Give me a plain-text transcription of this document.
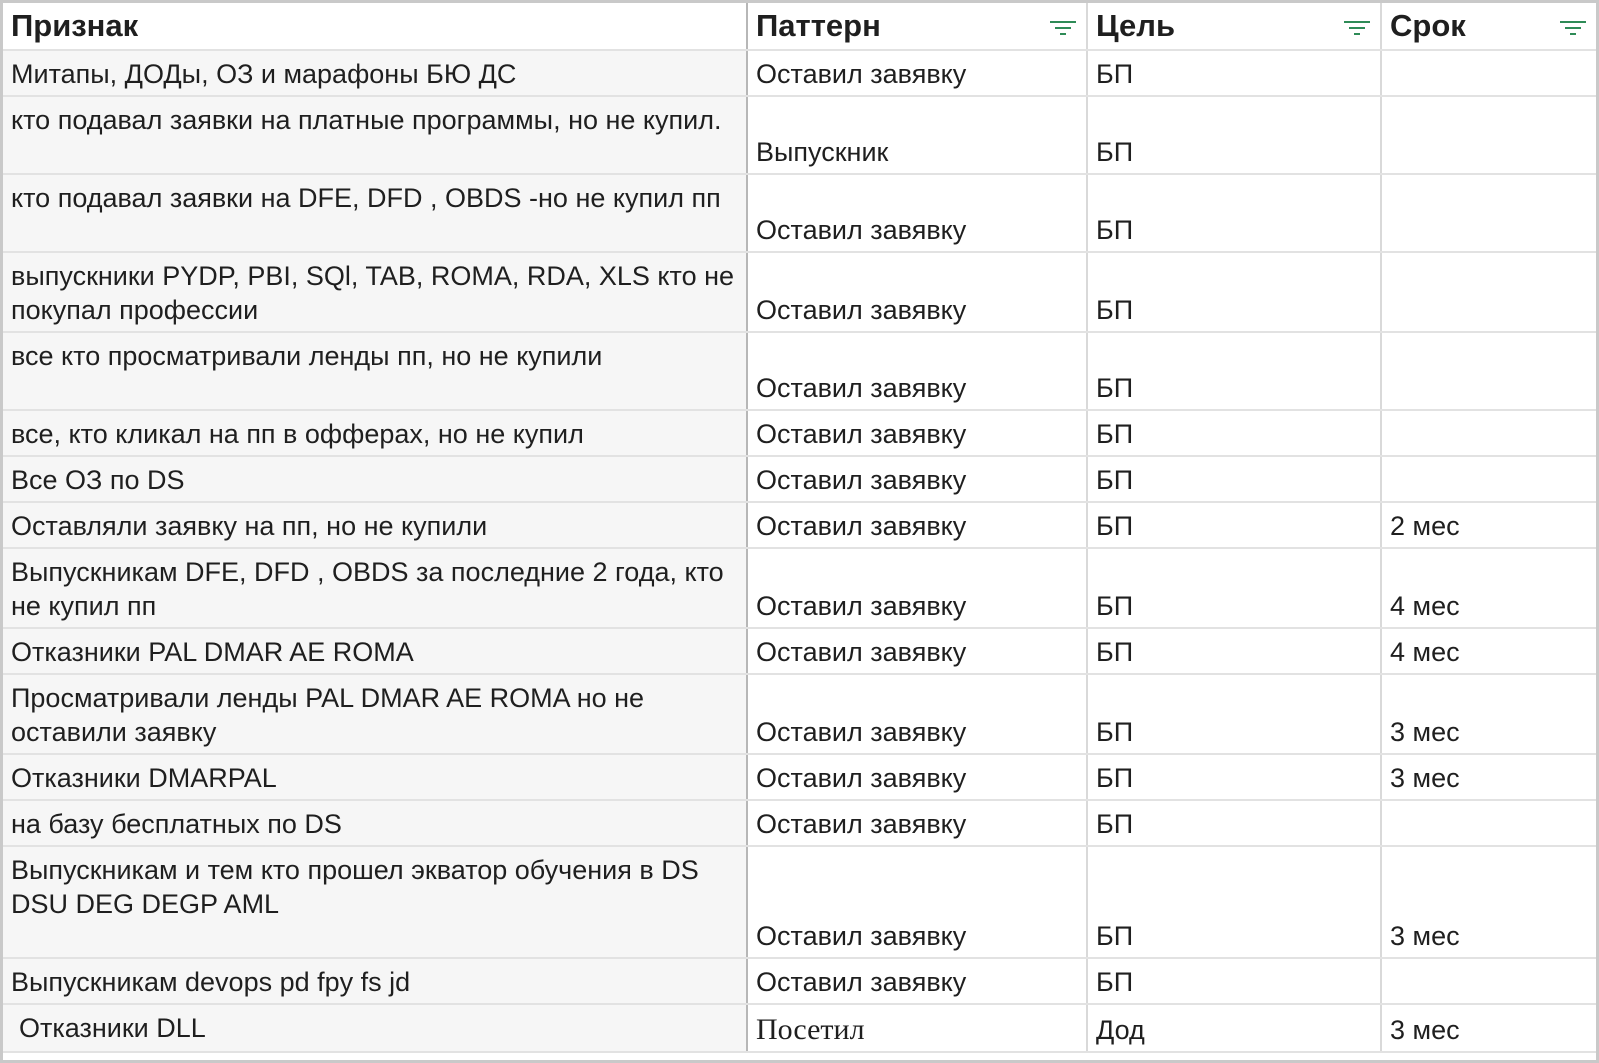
Признак	Паттерн	Цель	Срок

Митапы, ДОДы, ОЗ и марафоны БЮ ДС	Оставил завявку	БП	
кто подавал заявки на платные программы, но не купил.	Выпускник	БП	
кто подавал заявки на DFE, DFD , OBDS -но не купил пп	Оставил завявку	БП	
выпускники PYDP, PBI, SQl, TAB, ROMA, RDA, XLS кто не покупал профессии	Оставил завявку	БП	
все кто просматривали ленды пп, но не купили	Оставил завявку	БП	
все, кто кликал на пп в офферах, но не купил	Оставил завявку	БП	
Все ОЗ по DS	Оставил завявку	БП	
Оставляли заявку на пп, но не купили	Оставил завявку	БП	2 мес
Выпускникам DFE, DFD , OBDS за последние 2 года, кто не купил пп	Оставил завявку	БП	4 мес
Отказники PAL DMAR AE ROMA	Оставил завявку	БП	4 мес
Просматривали ленды PAL DMAR AE ROMA но не оставили заявку	Оставил завявку	БП	3 мес
Отказники DMARPAL	Оставил завявку	БП	3 мес
на базу бесплатных по DS	Оставил завявку	БП	
Выпускникам и тем кто прошел экватор обучения в DS DSU DEG DEGP AML	Оставил завявку	БП	3 мес
Выпускникам devops pd fpy fs jd	Оставил завявку	БП	
Отказники DLL	Посетил	Дод	3 мес
